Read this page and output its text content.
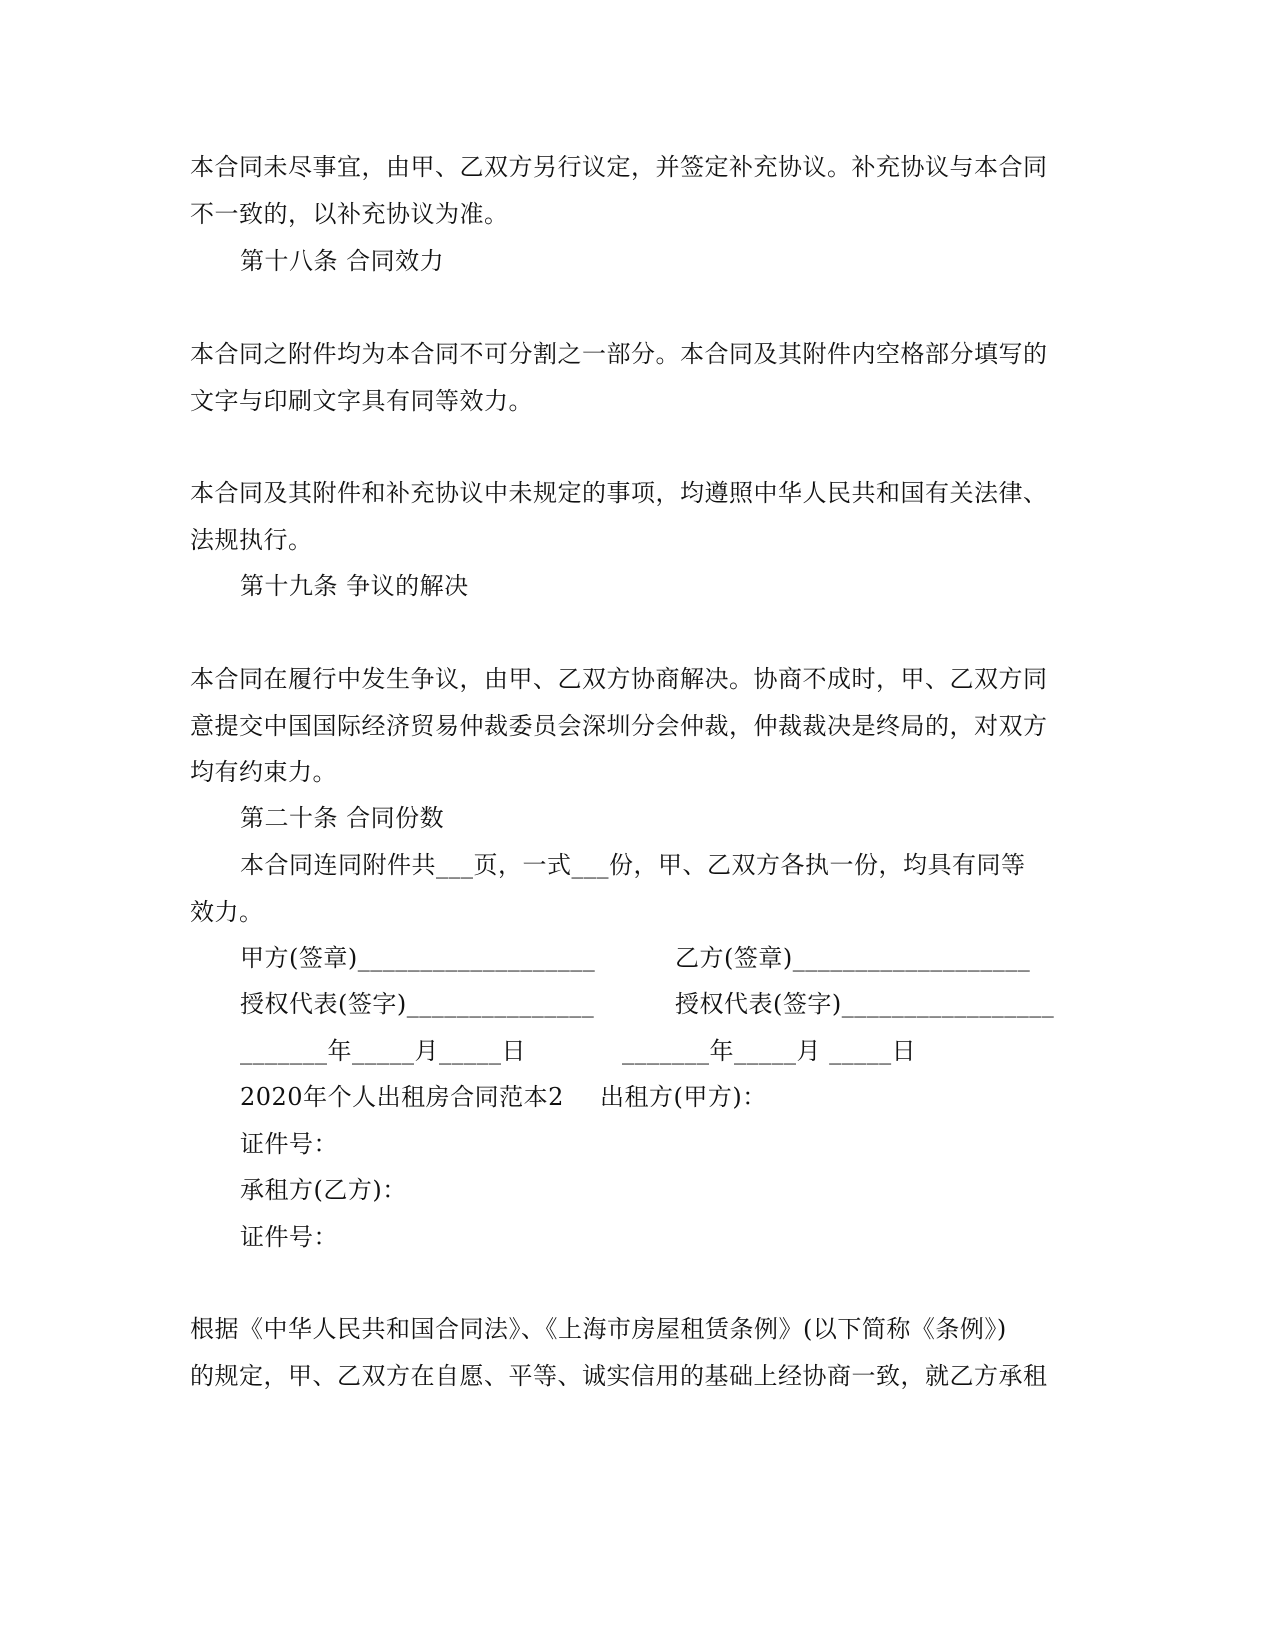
本合同未尽事宜，由甲、乙双方另行议定，并签定补充协议。补充协议与本合同
不一致的，以补充协议为准。
第十八条 合同效力
本合同之附件均为本合同不可分割之一部分。本合同及其附件内空格部分填写的
文字与印刷文字具有同等效力。
本合同及其附件和补充协议中未规定的事项，均遵照中华人民共和国有关法律、
法规执行。
第十九条 争议的解决
本合同在履行中发生争议，由甲、乙双方协商解决。协商不成时，甲、乙双方同
意提交中国国际经济贸易仲裁委员会深圳分会仲裁，仲裁裁决是终局的，对双方
均有约束力。
第二十条 合同份数
本合同连同附件共___页，一式___份，甲、乙双方各执一份，均具有同等
效力。
甲方(签章)___________________	乙方(签章)___________________
授权代表(签字)_______________	授权代表(签字)_________________
_______年_____月_____日	_______年_____月 _____日
2020年个人出租房合同范本2 出租方(甲方)：
证件号：
承租方(乙方)：
证件号：
根据《中华人民共和国合同法》、《上海市房屋租赁条例》(以下简称《条例》)
的规定，甲、乙双方在自愿、平等、诚实信用的基础上经协商一致，就乙方承租
